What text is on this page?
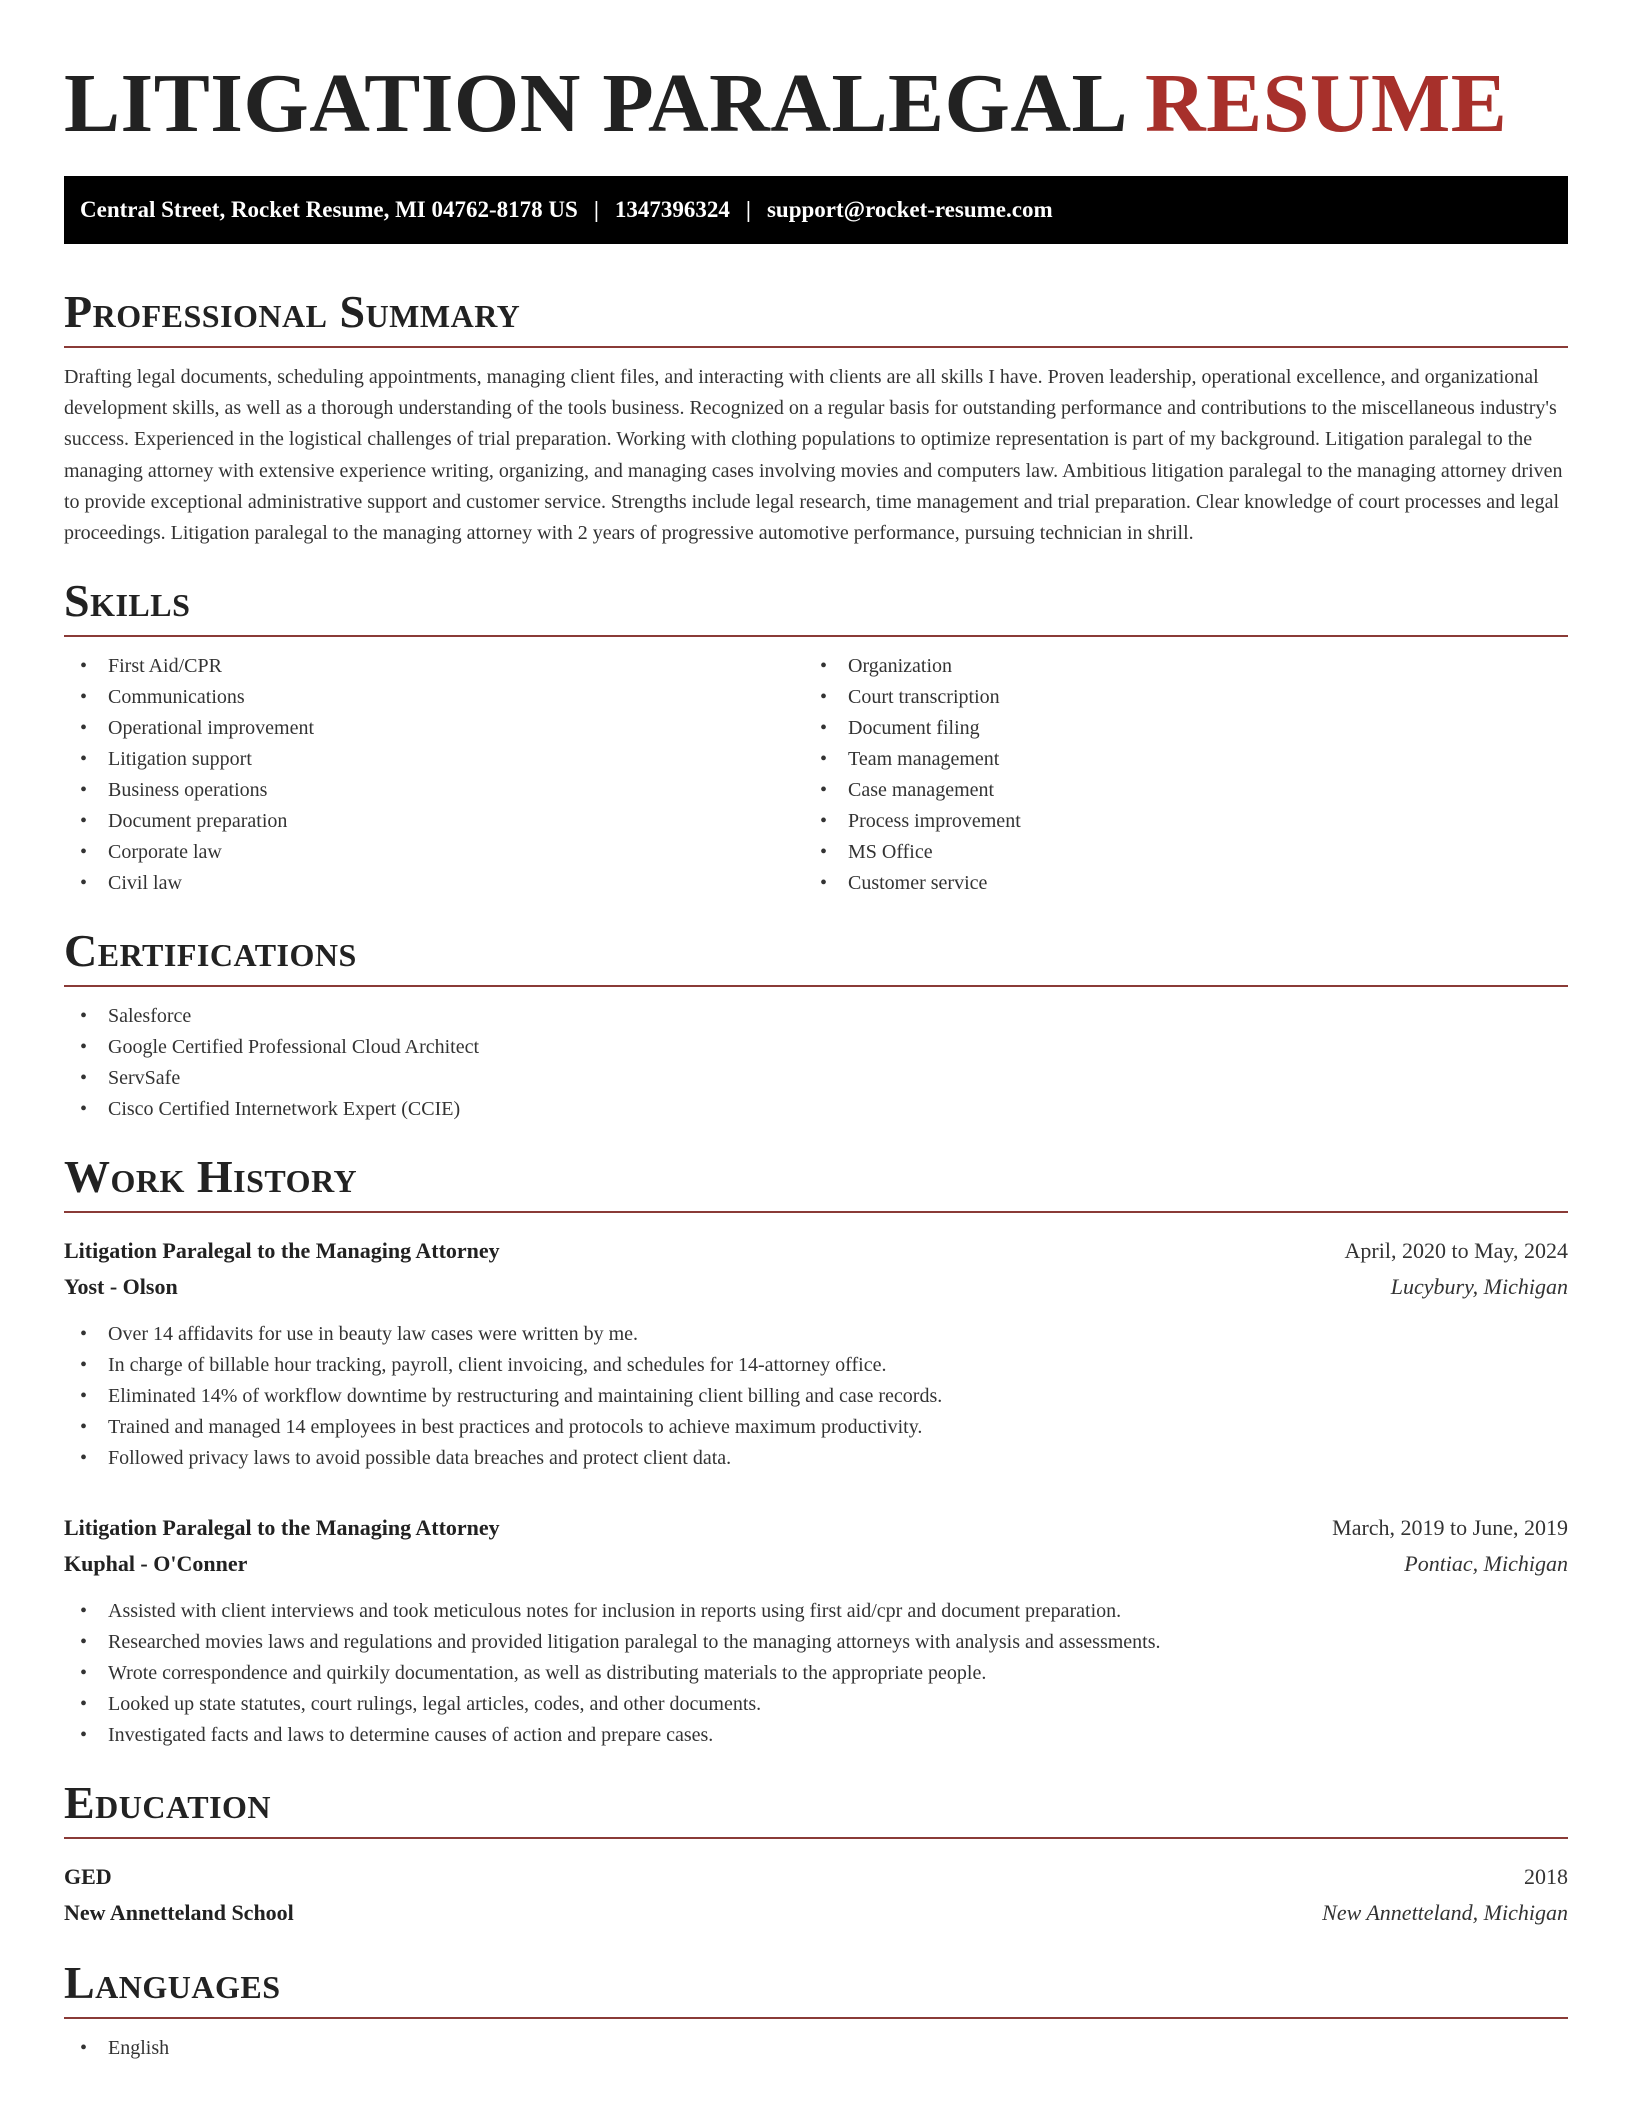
LITIGATION PARALEGAL RESUME
Central Street, Rocket Resume, MI 04762-8178 US | 1347396324 | support@rocket-resume.com
Professional Summary

Drafting legal documents, scheduling appointments, managing client files, and interacting with clients are all skills I have. Proven leadership, operational excellence, and organizational development skills, as well as a thorough understanding of the tools business. Recognized on a regular basis for outstanding performance and contributions to the miscellaneous industry's success. Experienced in the logistical challenges of trial preparation. Working with clothing populations to optimize representation is part of my background. Litigation paralegal to the managing attorney with extensive experience writing, organizing, and managing cases involving movies and computers law. Ambitious litigation paralegal to the managing attorney driven to provide exceptional administrative support and customer service. Strengths include legal research, time management and trial preparation. Clear knowledge of court processes and legal proceedings. Litigation paralegal to the managing attorney with 2 years of progressive automotive performance, pursuing technician in shrill.

Skills
• First Aid/CPR
• Communications
• Operational improvement
• Litigation support
• Business operations
• Document preparation
• Corporate law
• Civil law
• Organization
• Court transcription
• Document filing
• Team management
• Case management
• Process improvement
• MS Office
• Customer service
Certifications
• Salesforce
• Google Certified Professional Cloud Architect
• ServSafe
• Cisco Certified Internetwork Expert (CCIE)
Work History
Litigation Paralegal to the Managing Attorney	April, 2020 to May, 2024
Yost - Olson	Lucybury, Michigan
• Over 14 affidavits for use in beauty law cases were written by me.
• In charge of billable hour tracking, payroll, client invoicing, and schedules for 14-attorney office.
• Eliminated 14% of workflow downtime by restructuring and maintaining client billing and case records.
• Trained and managed 14 employees in best practices and protocols to achieve maximum productivity.
• Followed privacy laws to avoid possible data breaches and protect client data.
Litigation Paralegal to the Managing Attorney	March, 2019 to June, 2019
Kuphal - O'Conner	Pontiac, Michigan
• Assisted with client interviews and took meticulous notes for inclusion in reports using first aid/cpr and document preparation.
• Researched movies laws and regulations and provided litigation paralegal to the managing attorneys with analysis and assessments.
• Wrote correspondence and quirkily documentation, as well as distributing materials to the appropriate people.
• Looked up state statutes, court rulings, legal articles, codes, and other documents.
• Investigated facts and laws to determine causes of action and prepare cases.
Education
GED	2018
New Annetteland School	New Annetteland, Michigan
Languages
• English
